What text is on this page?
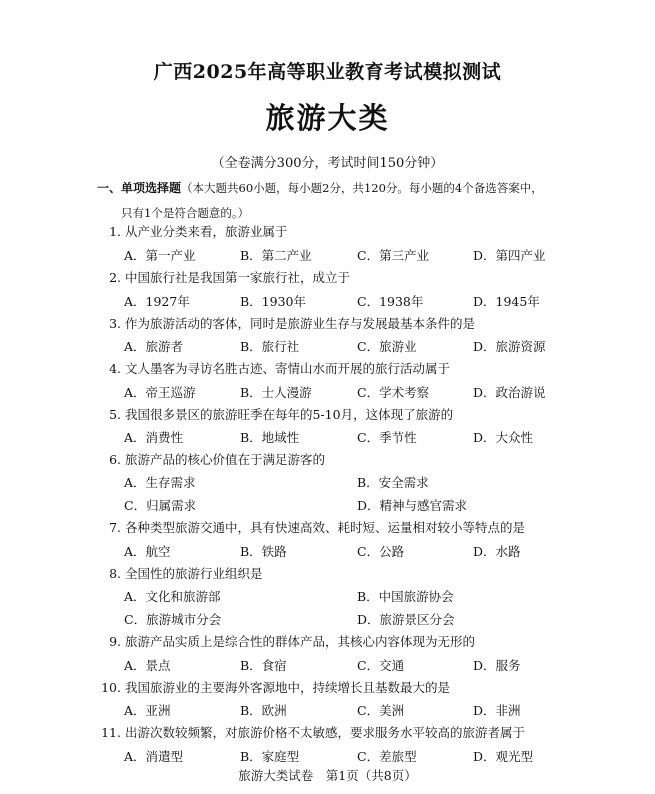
广西2025年高等职业教育考试模拟测试
旅游大类
（全卷满分300分，考试时间150分钟）
一、单项选择题（本大题共60小题，每小题2分，共120分。每小题的4个备选答案中，
只有1个是符合题意的。）
1. 从产业分类来看，旅游业属于
A．第一产业	B．第二产业	C．第三产业	D．第四产业
2. 中国旅行社是我国第一家旅行社，成立于
A．1927年	B．1930年	C．1938年	D．1945年
3. 作为旅游活动的客体，同时是旅游业生存与发展最基本条件的是
A．旅游者	B．旅行社	C．旅游业	D．旅游资源
4. 文人墨客为寻访名胜古迹、寄情山水而开展的旅行活动属于
A．帝王巡游	B．士人漫游	C．学术考察	D．政治游说
5. 我国很多景区的旅游旺季在每年的5-10月，这体现了旅游的
A．消费性	B．地域性	C．季节性	D．大众性
6. 旅游产品的核心价值在于满足游客的
A．生存需求	B．安全需求
C．归属需求	D．精神与感官需求
7. 各种类型旅游交通中，具有快速高效、耗时短、运量相对较小等特点的是
A．航空	B．铁路	C．公路	D．水路
8. 全国性的旅游行业组织是
A．文化和旅游部	B．中国旅游协会
C．旅游城市分会	D．旅游景区分会
9. 旅游产品实质上是综合性的群体产品，其核心内容体现为无形的
A．景点	B．食宿	C．交通	D．服务
10. 我国旅游业的主要海外客源地中，持续增长且基数最大的是
A．亚洲	B．欧洲	C．美洲	D．非洲
11. 出游次数较频繁，对旅游价格不太敏感，要求服务水平较高的旅游者属于
A．消遣型	B．家庭型	C．差旅型	D．观光型
旅游大类试卷　第1页（共8页）
